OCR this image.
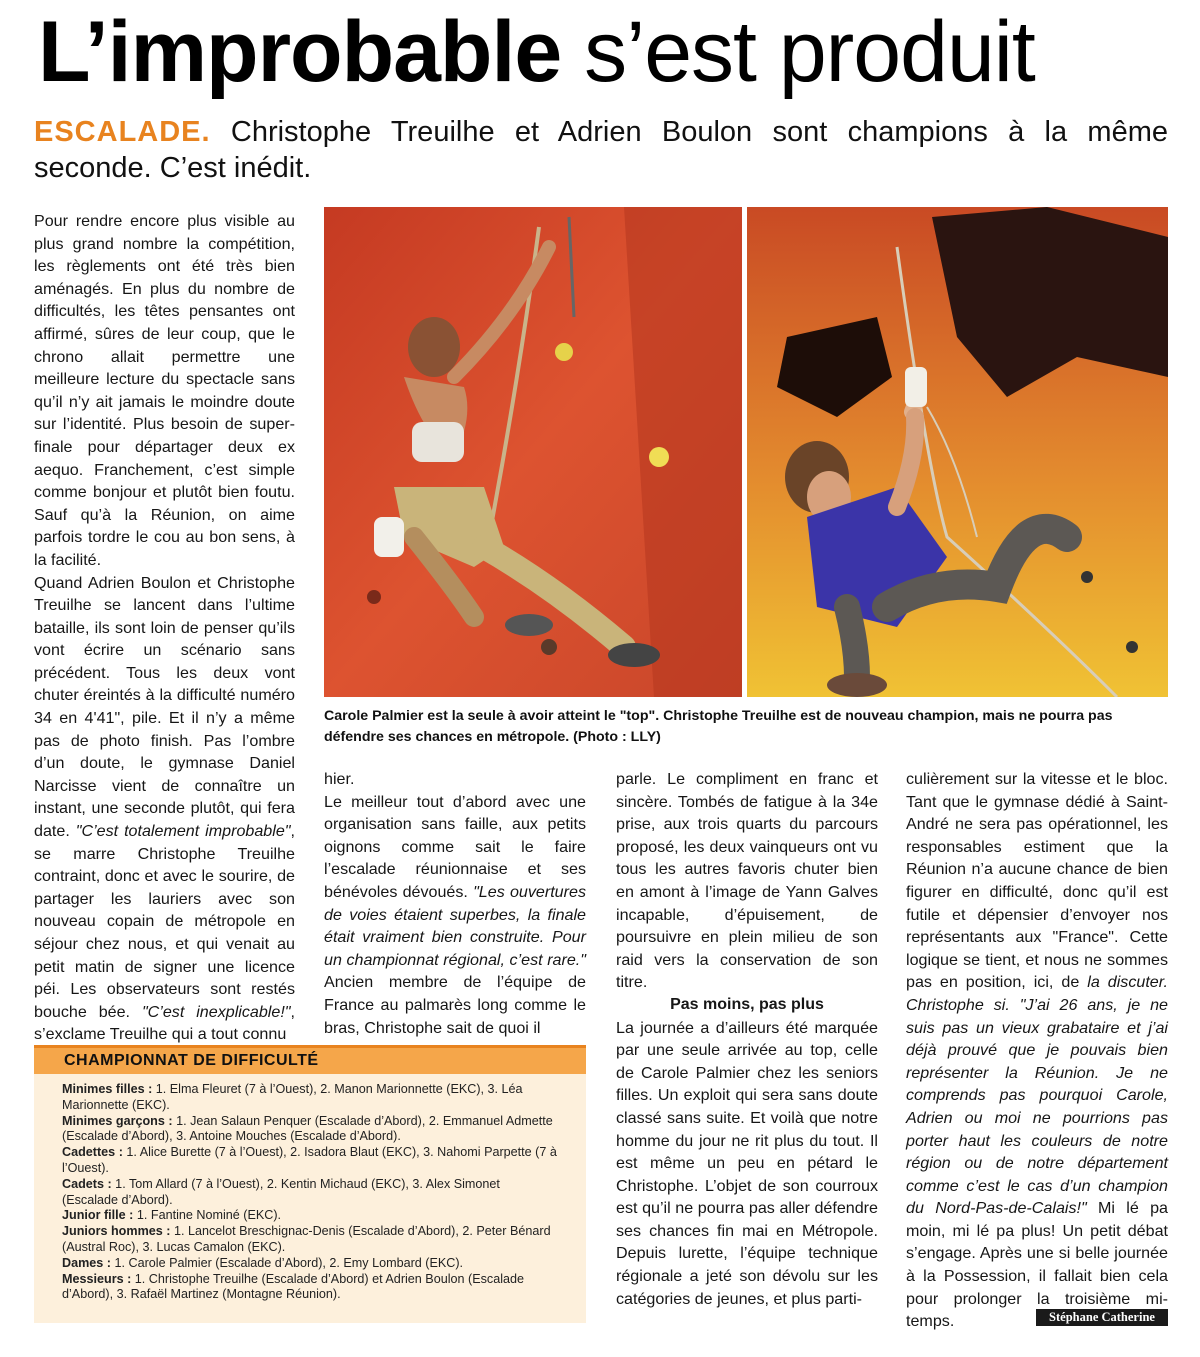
L’improbable s’est produit
ESCALADE. Christophe Treuilhe et Adrien Boulon sont champions à la même seconde. C’est inédit.

Pour rendre encore plus visible au plus grand nombre la compétition, les règlements ont été très bien aménagés. En plus du nombre de difficultés, les têtes pensantes ont affirmé, sûres de leur coup, que le chrono allait permettre une meilleure lecture du spectacle sans qu’il n’y ait jamais le moindre doute sur l’identité. Plus besoin de super-finale pour départager deux ex aequo. Franchement, c’est simple comme bonjour et plutôt bien foutu. Sauf qu’à la Réunion, on aime parfois tordre le cou au bon sens, à la facilité.

Quand Adrien Boulon et Christophe Treuilhe se lancent dans l’ultime bataille, ils sont loin de penser qu’ils vont écrire un scénario sans précédent. Tous les deux vont chuter éreintés à la difficulté numéro 34 en 4'41", pile. Et il n’y a même pas de photo finish. Pas l’ombre d’un doute, le gymnase Daniel Narcisse vient de connaître un instant, une seconde plutôt, qui fera date. "C’est totalement improbable", se marre Christophe Treuilhe contraint, donc et avec le sourire, de partager les lauriers avec son nouveau copain de métropole en séjour chez nous, et qui venait au petit matin de signer une licence péi. Les observateurs sont restés bouche bée. "C’est inexplicable!", s’exclame Treuilhe qui a tout connu

Carole Palmier est la seule à avoir atteint le "top". Christophe Treuilhe est de nouveau champion, mais ne pourra pas défendre ses chances en métropole. (Photo : LLY)

hier.

Le meilleur tout d’abord avec une organisation sans faille, aux petits oignons comme sait le faire l’escalade réunionnaise et ses bénévoles dévoués. "Les ouvertures de voies étaient superbes, la finale était vraiment bien construite. Pour un championnat régional, c’est rare." Ancien membre de l’équipe de France au palmarès long comme le bras, Christophe sait de quoi il

parle. Le compliment en franc et sincère. Tombés de fatigue à la 34e prise, aux trois quarts du parcours proposé, les deux vainqueurs ont vu tous les autres favoris chuter bien en amont à l’image de Yann Galves incapable, d’épuisement, de poursuivre en plein milieu de son raid vers la conservation de son titre.

Pas moins, pas plus

La journée a d’ailleurs été marquée par une seule arrivée au top, celle de Carole Palmier chez les seniors filles. Un exploit qui sera sans doute classé sans suite. Et voilà que notre homme du jour ne rit plus du tout. Il est même un peu en pétard le Christophe. L’objet de son courroux est qu’il ne pourra pas aller défendre ses chances fin mai en Métropole. Depuis lurette, l’équipe technique régionale a jeté son dévolu sur les catégories de jeunes, et plus parti-

culièrement sur la vitesse et le bloc. Tant que le gymnase dédié à Saint-André ne sera pas opérationnel, les responsables estiment que la Réunion n’a aucune chance de bien figurer en difficulté, donc qu’il est futile et dépensier d’envoyer nos représentants aux "France". Cette logique se tient, et nous ne sommes pas en position, ici, de la discuter. Christophe si. "J’ai 26 ans, je ne suis pas un vieux grabataire et j’ai déjà prouvé que je pouvais bien représenter la Réunion. Je ne comprends pas pourquoi Carole, Adrien ou moi ne pourrions pas porter haut les couleurs de notre région ou de notre département comme c’est le cas d’un champion du Nord-Pas-de-Calais!" Mi lé pa moin, mi lé pa plus! Un petit débat s’engage. Après une si belle journée à la Possession, il fallait bien cela pour prolonger la troisième mi-temps.

CHAMPIONNAT DE DIFFICULTÉ

Minimes filles : 1. Elma Fleuret (7 à l’Ouest), 2. Manon Marionnette (EKC), 3. Léa Marionnette (EKC).

Minimes garçons : 1. Jean Salaun Penquer (Escalade d’Abord), 2. Emmanuel Admette (Escalade d’Abord), 3. Antoine Mouches (Escalade d’Abord).

Cadettes : 1. Alice Burette (7 à l’Ouest), 2. Isadora Blaut (EKC), 3. Nahomi Parpette (7 à l’Ouest).

Cadets : 1. Tom Allard (7 à l’Ouest), 2. Kentin Michaud (EKC), 3. Alex Simonet (Escalade d’Abord).

Junior fille : 1. Fantine Nominé (EKC).

Juniors hommes : 1. Lancelot Breschignac-Denis (Escalade d’Abord), 2. Peter Bénard (Austral Roc), 3. Lucas Camalon (EKC).

Dames : 1. Carole Palmier (Escalade d’Abord), 2. Emy Lombard (EKC).

Messieurs : 1. Christophe Treuilhe (Escalade d’Abord) et Adrien Boulon (Escalade d’Abord), 3. Rafaël Martinez (Montagne Réunion).

Stéphane Catherine
